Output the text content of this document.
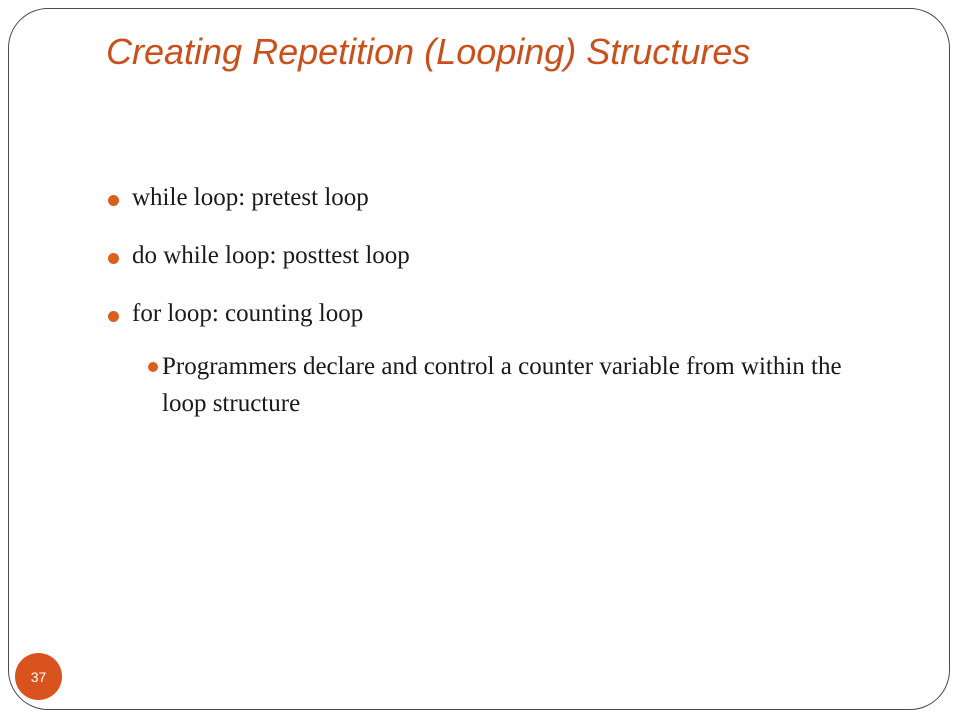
Creating Repetition (Looping) Structures
while loop: pretest loop
do while loop: posttest loop
for loop: counting loop
Programmers declare and control a counter variable from within the loop structure
37
